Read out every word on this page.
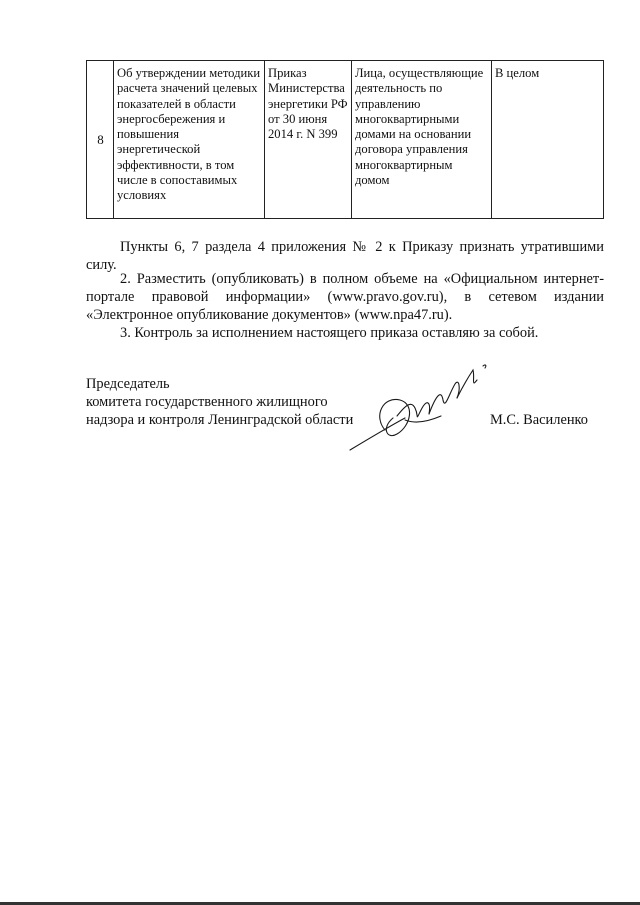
8	Об утверждении методики расчета значений целевых показателей в области энергосбережения и повышения энергетической эффективности, в том числе в сопоставимых условиях	Приказ Министерства энергетики РФ от 30 июня 2014 г. N 399	Лица, осуществляющие деятельность по управлению многоквартирными домами на основании договора управления многоквартирным домом	В целом

Пункты 6, 7 раздела 4 приложения № 2 к Приказу признать утратившими силу.

2. Разместить (опубликовать) в полном объеме на «Официальном интернет-портале правовой информации» (www.pravo.gov.ru), в сетевом издании «Электронное опубликование документов» (www.npa47.ru).

3. Контроль за исполнением настоящего приказа оставляю за собой.

Председатель
комитета государственного жилищного
надзора и контроля Ленинградской области	М.С. Василенко
